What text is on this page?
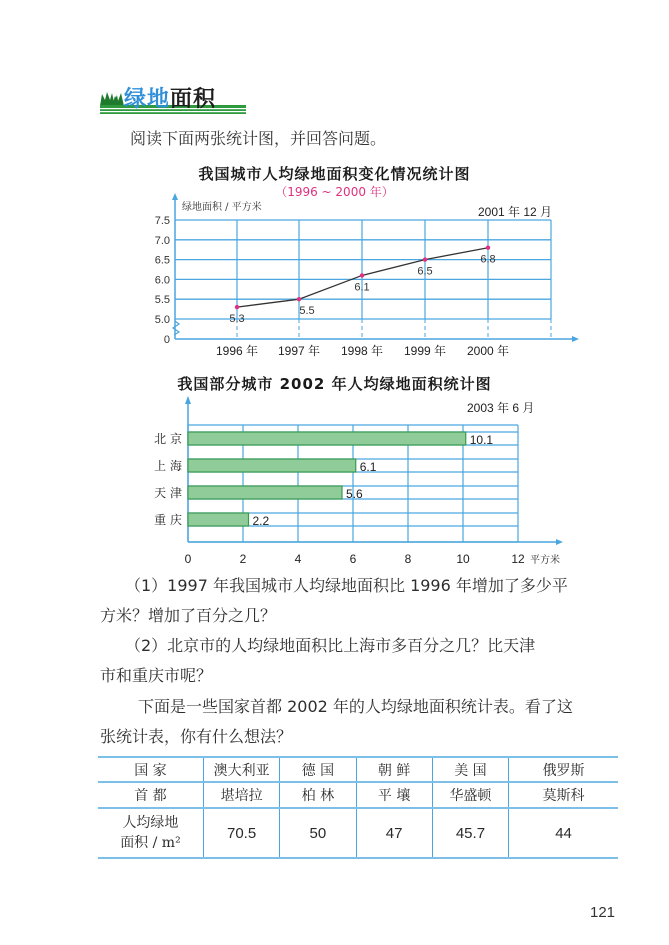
绿地面积
阅读下面两张统计图，并回答问题。
我国城市人均绿地面积变化情况统计图
（1996 ~ 2000 年）
0
5.0
5.5
6.0
6.5
7.0
7.5
1996 年 1997 年 1998 年 1999 年 2000 年
5.3
5.5
6.1
6.5
6.8
绿地面积 / 平方米	2001 年 12 月
我国部分城市 2002 年人均绿地面积统计图
10.1
北 京
6.1
上 海
5.6
天 津
2.2
重 庆
0	2	4	6	8	10	12 平方米
2003 年 6 月
（1）1997 年我国城市人均绿地面积比 1996 年增加了多少平
方米？增加了百分之几？
（2）北京市的人均绿地面积比上海市多百分之几？比天津
市和重庆市呢？
下面是一些国家首都 2002 年的人均绿地面积统计表。看了这
张统计表，你有什么想法？
国 家	澳大利亚	德 国	朝 鲜	美 国	俄罗斯
首 都	堪培拉	柏 林	平 壤	华盛顿	莫斯科

人均绿地
面积 / m²	70.5	50	47	45.7	44
121
